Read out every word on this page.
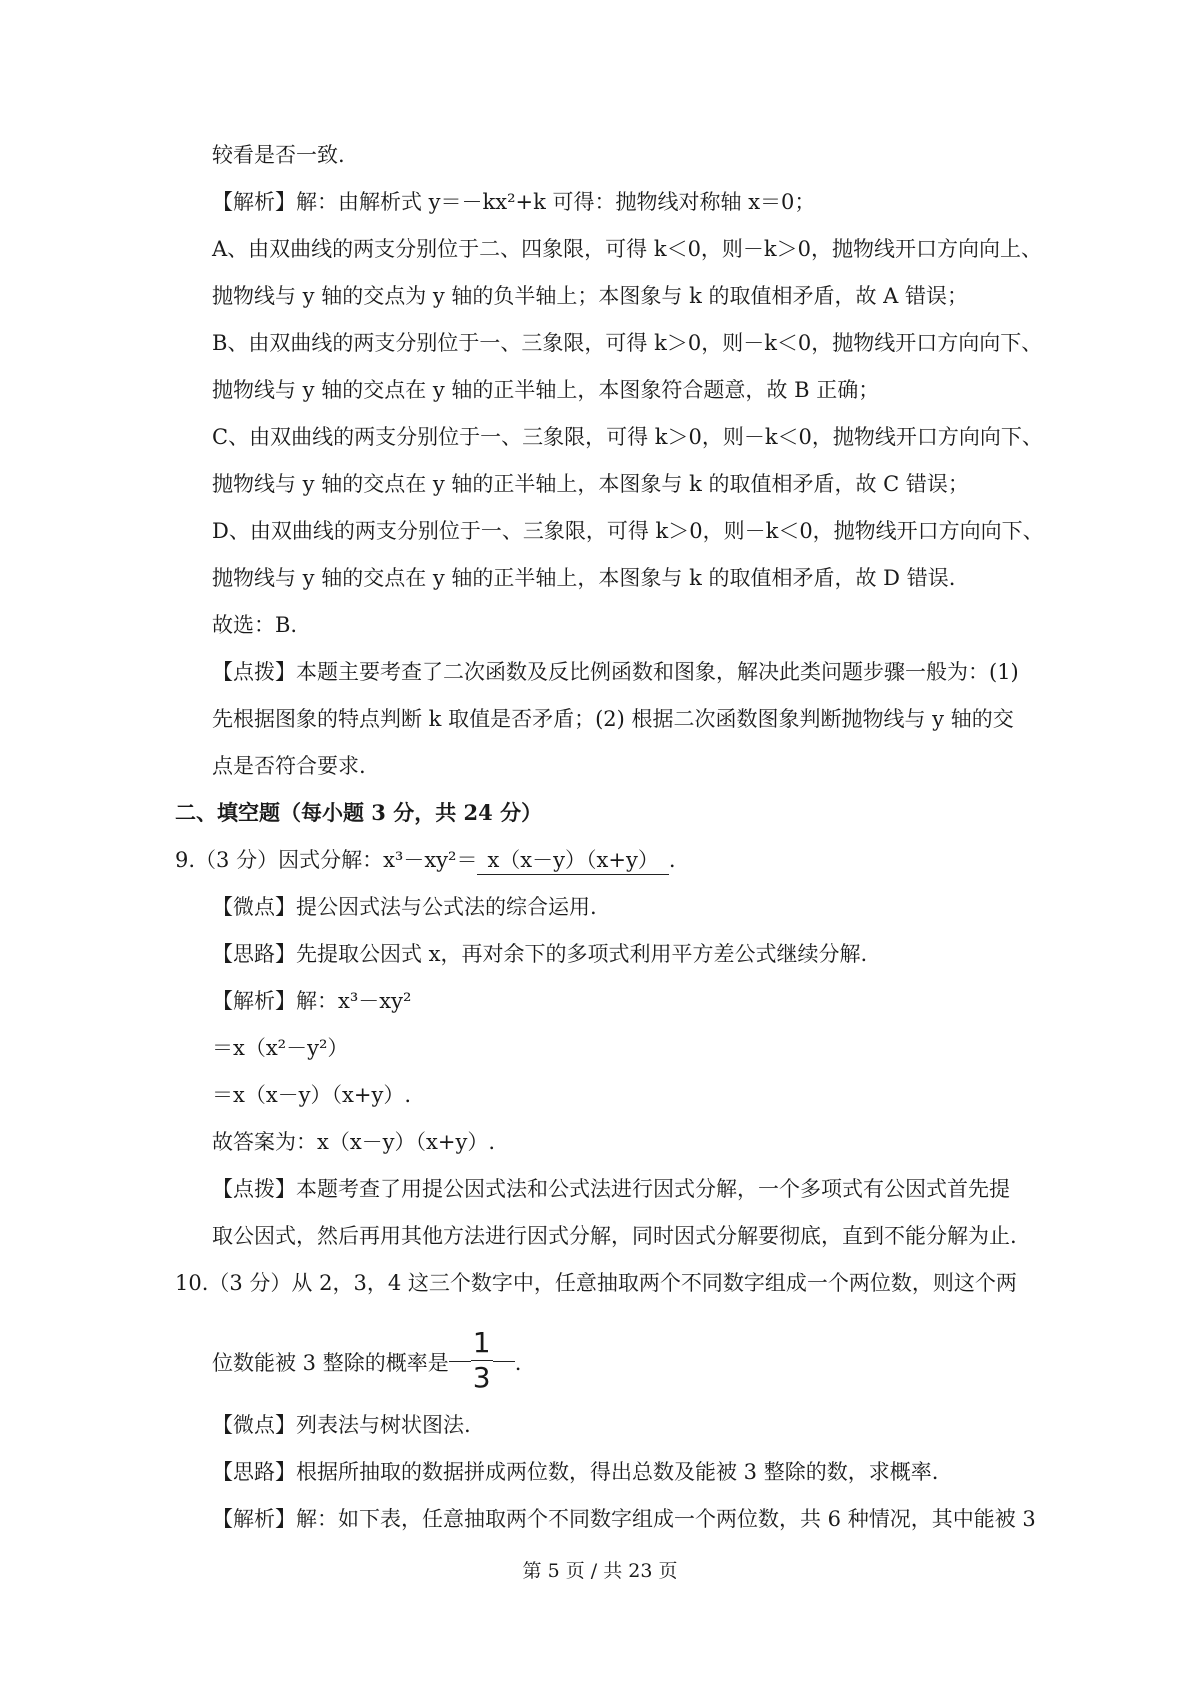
较看是否一致.
【解析】解：由解析式 y＝－kx²+k 可得：抛物线对称轴 x＝0；
A、由双曲线的两支分别位于二、四象限，可得 k＜0，则－k＞0，抛物线开口方向向上、
抛物线与 y 轴的交点为 y 轴的负半轴上；本图象与 k 的取值相矛盾，故 A 错误；
B、由双曲线的两支分别位于一、三象限，可得 k＞0，则－k＜0，抛物线开口方向向下、
抛物线与 y 轴的交点在 y 轴的正半轴上，本图象符合题意，故 B 正确；
C、由双曲线的两支分别位于一、三象限，可得 k＞0，则－k＜0，抛物线开口方向向下、
抛物线与 y 轴的交点在 y 轴的正半轴上，本图象与 k 的取值相矛盾，故 C 错误；
D、由双曲线的两支分别位于一、三象限，可得 k＞0，则－k＜0，抛物线开口方向向下、
抛物线与 y 轴的交点在 y 轴的正半轴上，本图象与 k 的取值相矛盾，故 D 错误.
故选：B.
【点拨】本题主要考查了二次函数及反比例函数和图象，解决此类问题步骤一般为：(1)
先根据图象的特点判断 k 取值是否矛盾；(2) 根据二次函数图象判断抛物线与 y 轴的交
点是否符合要求.
二、填空题（每小题 3 分，共 24 分）
9.（3 分）因式分解：x³－xy²＝ x（x－y）（x+y） .
【微点】提公因式法与公式法的综合运用.
【思路】先提取公因式 x，再对余下的多项式利用平方差公式继续分解.
【解析】解：x³－xy²
＝x（x²－y²）
＝x（x－y）（x+y）.
故答案为：x（x－y）（x+y）.
【点拨】本题考查了用提公因式法和公式法进行因式分解，一个多项式有公因式首先提
取公因式，然后再用其他方法进行因式分解，同时因式分解要彻底，直到不能分解为止.
10.（3 分）从 2，3，4 这三个数字中，任意抽取两个不同数字组成一个两位数，则这个两
位数能被 3 整除的概率是 $\frac{1}{3}$ .
【微点】列表法与树状图法.
【思路】根据所抽取的数据拼成两位数，得出总数及能被 3 整除的数，求概率.
【解析】解：如下表，任意抽取两个不同数字组成一个两位数，共 6 种情况，其中能被 3
第 5 页 / 共 23 页
